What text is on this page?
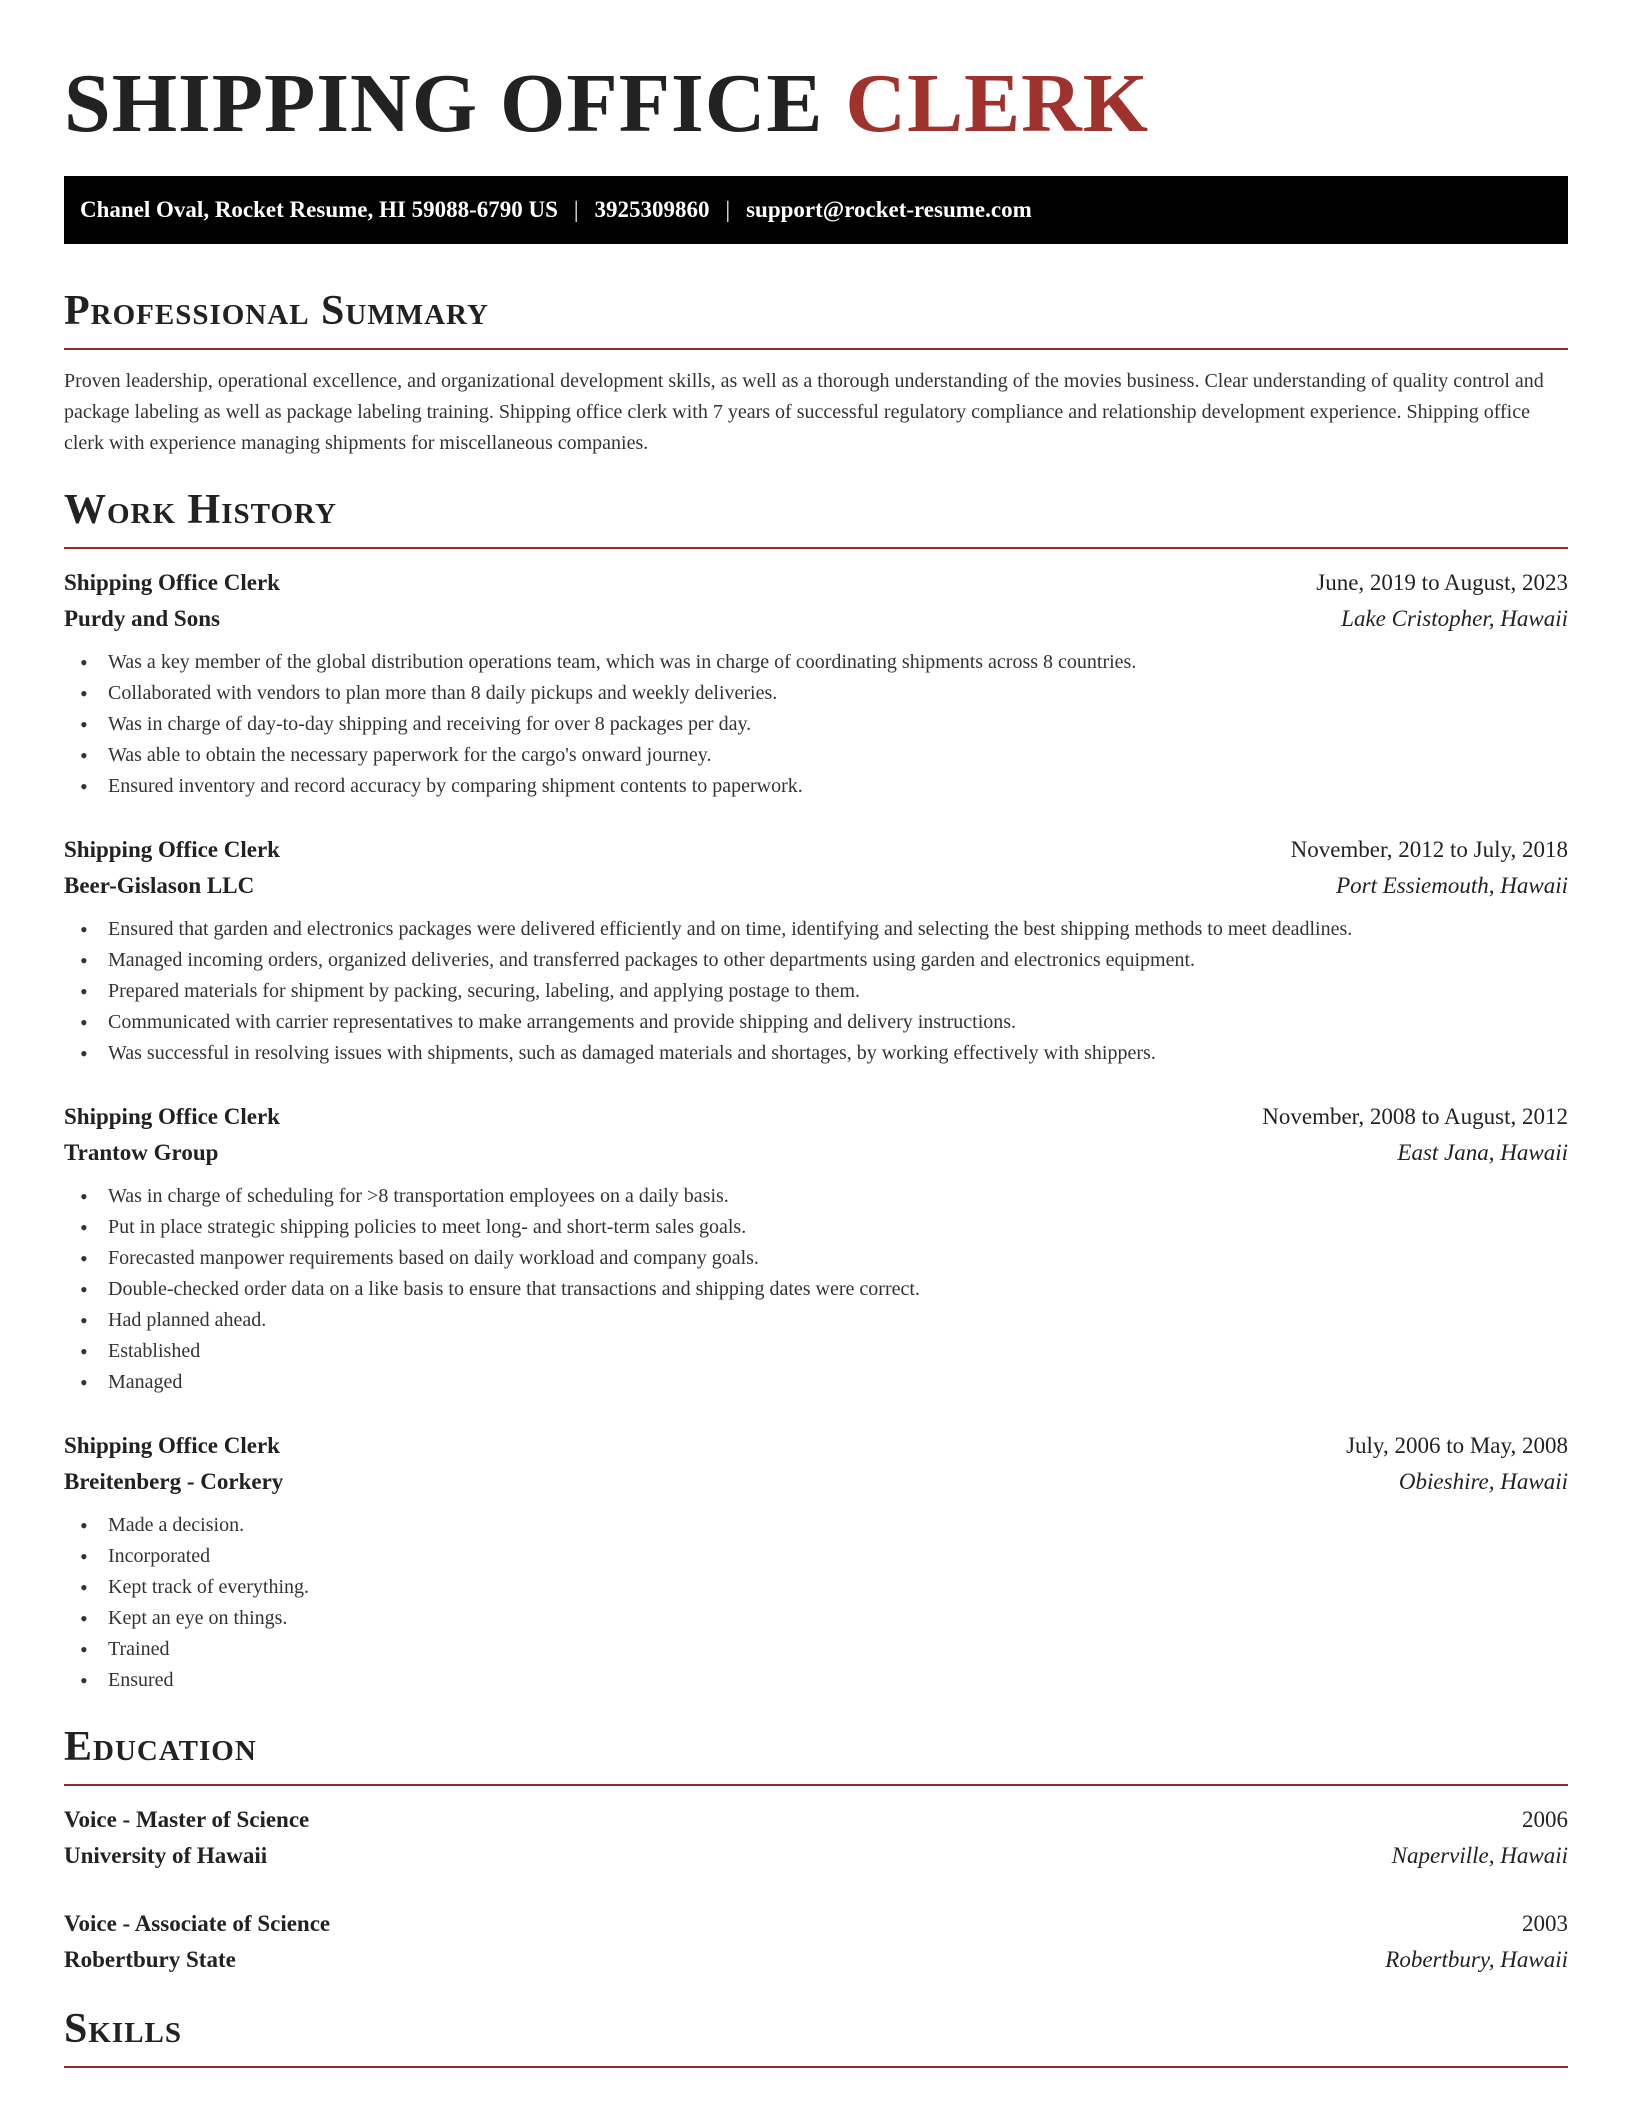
SHIPPING OFFICE CLERK
Chanel Oval, Rocket Resume, HI 59088-6790 US | 3925309860 | support@rocket-resume.com
Professional Summary

Proven leadership, operational excellence, and organizational development skills, as well as a thorough understanding of the movies business. Clear understanding of quality control and package labeling as well as package labeling training. Shipping office clerk with 7 years of successful regulatory compliance and relationship development experience. Shipping office clerk with experience managing shipments for miscellaneous companies.

Work History
Shipping Office Clerk	June, 2019 to August, 2023
Purdy and Sons	Lake Cristopher, Hawaii
• Was a key member of the global distribution operations team, which was in charge of coordinating shipments across 8 countries.
• Collaborated with vendors to plan more than 8 daily pickups and weekly deliveries.
• Was in charge of day-to-day shipping and receiving for over 8 packages per day.
• Was able to obtain the necessary paperwork for the cargo's onward journey.
• Ensured inventory and record accuracy by comparing shipment contents to paperwork.
Shipping Office Clerk	November, 2012 to July, 2018
Beer-Gislason LLC	Port Essiemouth, Hawaii
• Ensured that garden and electronics packages were delivered efficiently and on time, identifying and selecting the best shipping methods to meet deadlines.
• Managed incoming orders, organized deliveries, and transferred packages to other departments using garden and electronics equipment.
• Prepared materials for shipment by packing, securing, labeling, and applying postage to them.
• Communicated with carrier representatives to make arrangements and provide shipping and delivery instructions.
• Was successful in resolving issues with shipments, such as damaged materials and shortages, by working effectively with shippers.
Shipping Office Clerk	November, 2008 to August, 2012
Trantow Group	East Jana, Hawaii
• Was in charge of scheduling for >8 transportation employees on a daily basis.
• Put in place strategic shipping policies to meet long- and short-term sales goals.
• Forecasted manpower requirements based on daily workload and company goals.
• Double-checked order data on a like basis to ensure that transactions and shipping dates were correct.
• Had planned ahead.
• Established
• Managed
Shipping Office Clerk	July, 2006 to May, 2008
Breitenberg - Corkery	Obieshire, Hawaii
• Made a decision.
• Incorporated
• Kept track of everything.
• Kept an eye on things.
• Trained
• Ensured
Education
Voice - Master of Science	2006
University of Hawaii	Naperville, Hawaii
Voice - Associate of Science	2003
Robertbury State	Robertbury, Hawaii
Skills
